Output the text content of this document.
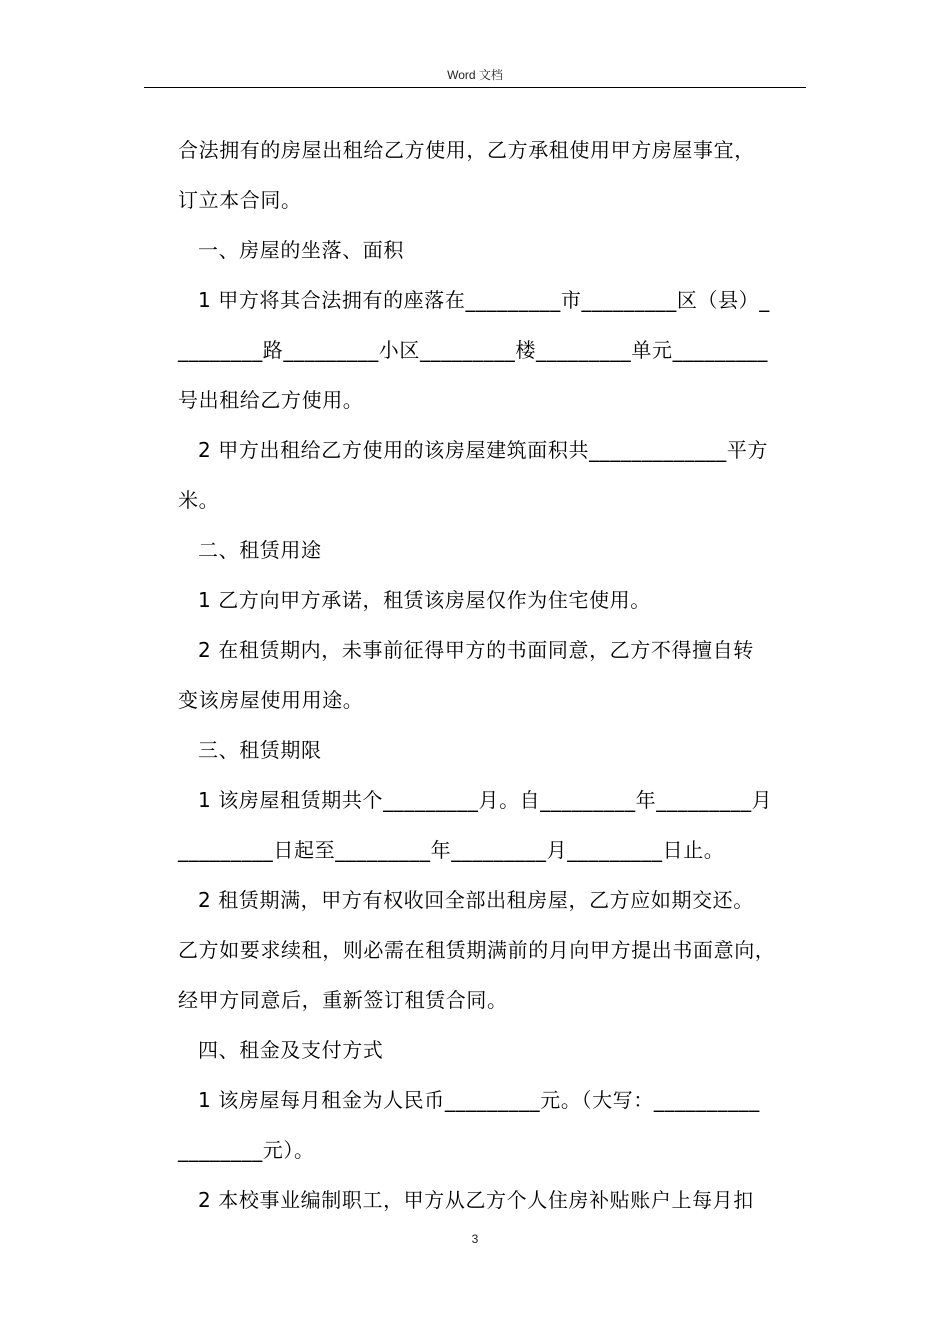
Word 文档
合法拥有的房屋出租给乙方使用，乙方承租使用甲方房屋事宜，
订立本合同。
一、房屋的坐落、面积
1 甲方将其合法拥有的座落在_________市_________区（县）_
________路_________小区_________楼_________单元_________
号出租给乙方使用。
2 甲方出租给乙方使用的该房屋建筑面积共_____________平方
米。
二、租赁用途
1 乙方向甲方承诺，租赁该房屋仅作为住宅使用。
2 在租赁期内，未事前征得甲方的书面同意，乙方不得擅自转
变该房屋使用用途。
三、租赁期限
1 该房屋租赁期共个_________月。自_________年_________月
_________日起至_________年_________月_________日止。
2 租赁期满，甲方有权收回全部出租房屋，乙方应如期交还。
乙方如要求续租，则必需在租赁期满前的月向甲方提出书面意向，
经甲方同意后，重新签订租赁合同。
四、租金及支付方式
1 该房屋每月租金为人民币_________元。（大写：__________
________元）。
2 本校事业编制职工，甲方从乙方个人住房补贴账户上每月扣
3
